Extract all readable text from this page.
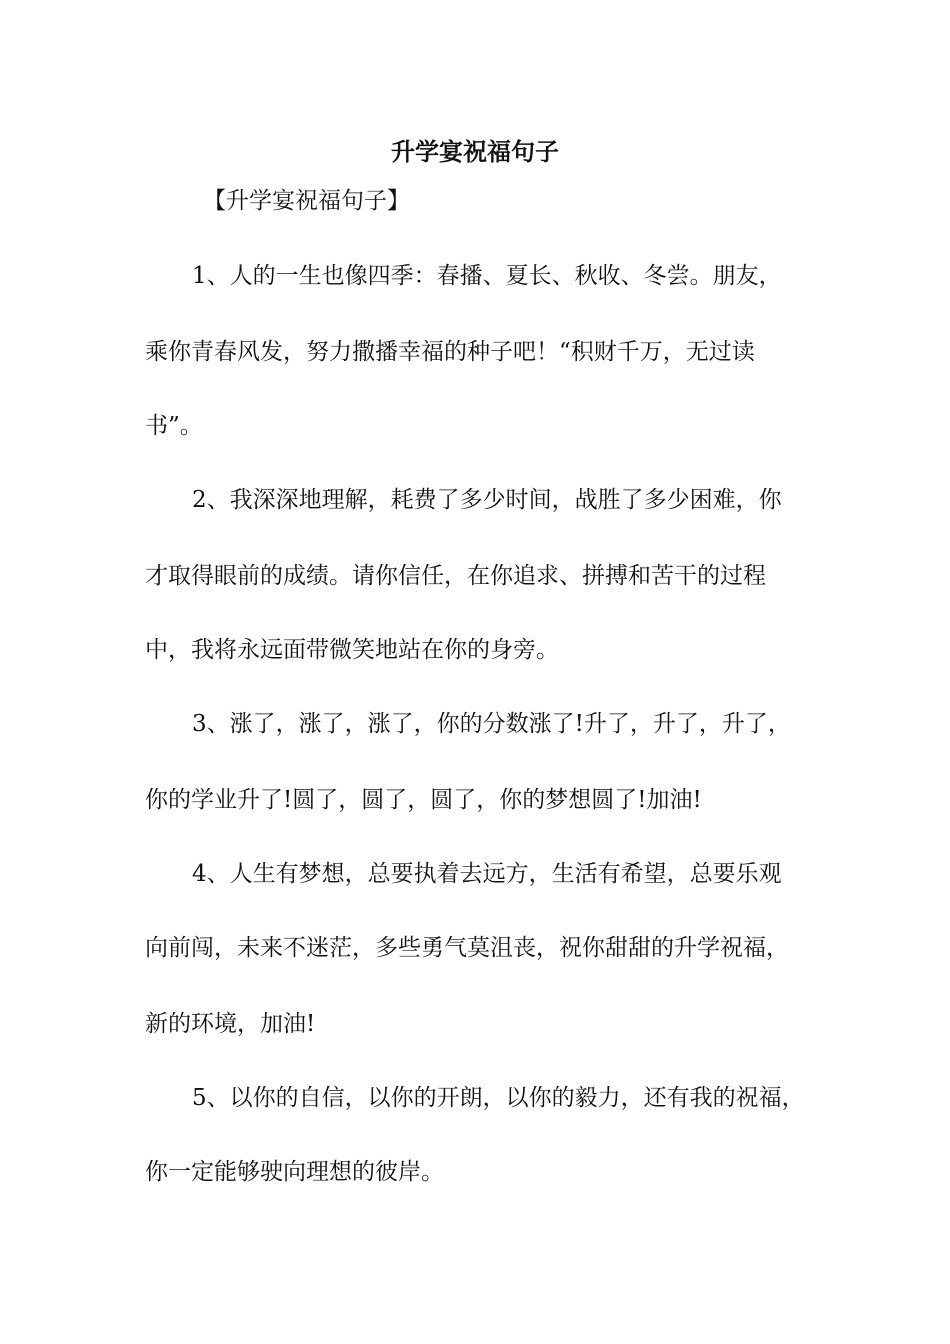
升学宴祝福句子

【升学宴祝福句子】

1、人的一生也像四季：春播、夏长、秋收、冬尝。朋友，

乘你青春风发，努力撒播幸福的种子吧！“积财千万，无过读

书”。

2、我深深地理解，耗费了多少时间，战胜了多少困难，你

才取得眼前的成绩。请你信任，在你追求、拼搏和苦干的过程

中，我将永远面带微笑地站在你的身旁。

3、涨了，涨了，涨了，你的分数涨了!升了，升了，升了，

你的学业升了!圆了，圆了，圆了，你的梦想圆了!加油!

4、人生有梦想，总要执着去远方，生活有希望，总要乐观

向前闯，未来不迷茫，多些勇气莫沮丧，祝你甜甜的升学祝福，

新的环境，加油!

5、以你的自信，以你的开朗，以你的毅力，还有我的祝福，

你一定能够驶向理想的彼岸。
